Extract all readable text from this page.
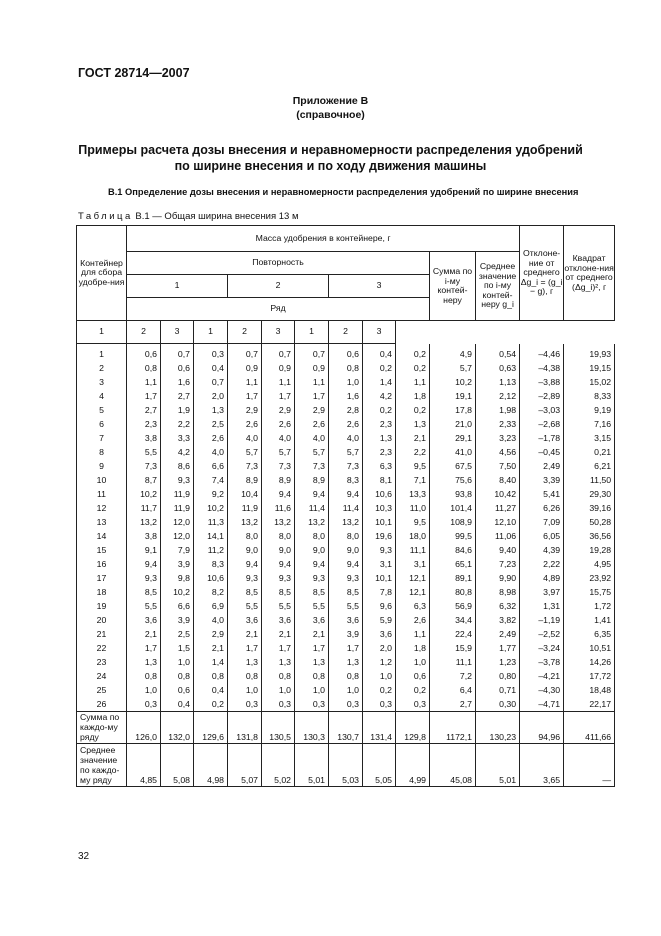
ГОСТ 28714—2007
Приложение В
(справочное)
Примеры расчета дозы внесения и неравномерности распределения удобрений
по ширине внесения и по ходу движения машины
В.1 Определение дозы внесения и неравномерности распределения удобрений по ширине внесения
Таблица В.1 — Общая ширина внесения 13 м
Контейнер для сбора удобре-ния	Масса удобрения в контейнере, г											Отклоне-ние от среднего Δg_i = (g_i − g), г	Квадрат отклоне-ния от среднего (Δg_i)², г
	Повторность									Сумма по i-му контей-неру	Среднее значение по i-му контей-неру g_i		
	1			2			3						
	Ряд												
1	2	3	1	2	3	1	2	3					
1	0,6	0,7	0,3	0,7	0,7	0,7	0,6	0,4	0,2	4,9	0,54	–4,46	19,93
2	0,8	0,6	0,4	0,9	0,9	0,9	0,8	0,2	0,2	5,7	0,63	–4,38	19,15
3	1,1	1,6	0,7	1,1	1,1	1,1	1,0	1,4	1,1	10,2	1,13	–3,88	15,02
4	1,7	2,7	2,0	1,7	1,7	1,7	1,6	4,2	1,8	19,1	2,12	–2,89	8,33
5	2,7	1,9	1,3	2,9	2,9	2,9	2,8	0,2	0,2	17,8	1,98	–3,03	9,19
6	2,3	2,2	2,5	2,6	2,6	2,6	2,6	2,3	1,3	21,0	2,33	–2,68	7,16
7	3,8	3,3	2,6	4,0	4,0	4,0	4,0	1,3	2,1	29,1	3,23	–1,78	3,15
8	5,5	4,2	4,0	5,7	5,7	5,7	5,7	2,3	2,2	41,0	4,56	–0,45	0,21
9	7,3	8,6	6,6	7,3	7,3	7,3	7,3	6,3	9,5	67,5	7,50	2,49	6,21
10	8,7	9,3	7,4	8,9	8,9	8,9	8,3	8,1	7,1	75,6	8,40	3,39	11,50
11	10,2	11,9	9,2	10,4	9,4	9,4	9,4	10,6	13,3	93,8	10,42	5,41	29,30
12	11,7	11,9	10,2	11,9	11,6	11,4	11,4	10,3	11,0	101,4	11,27	6,26	39,16
13	13,2	12,0	11,3	13,2	13,2	13,2	13,2	10,1	9,5	108,9	12,10	7,09	50,28
14	3,8	12,0	14,1	8,0	8,0	8,0	8,0	19,6	18,0	99,5	11,06	6,05	36,56
15	9,1	7,9	11,2	9,0	9,0	9,0	9,0	9,3	11,1	84,6	9,40	4,39	19,28
16	9,4	3,9	8,3	9,4	9,4	9,4	9,4	3,1	3,1	65,1	7,23	2,22	4,95
17	9,3	9,8	10,6	9,3	9,3	9,3	9,3	10,1	12,1	89,1	9,90	4,89	23,92
18	8,5	10,2	8,2	8,5	8,5	8,5	8,5	7,8	12,1	80,8	8,98	3,97	15,75
19	5,5	6,6	6,9	5,5	5,5	5,5	5,5	9,6	6,3	56,9	6,32	1,31	1,72
20	3,6	3,9	4,0	3,6	3,6	3,6	3,6	5,9	2,6	34,4	3,82	–1,19	1,41
21	2,1	2,5	2,9	2,1	2,1	2,1	3,9	3,6	1,1	22,4	2,49	–2,52	6,35
22	1,7	1,5	2,1	1,7	1,7	1,7	1,7	2,0	1,8	15,9	1,77	–3,24	10,51
23	1,3	1,0	1,4	1,3	1,3	1,3	1,3	1,2	1,0	11,1	1,23	–3,78	14,26
24	0,8	0,8	0,8	0,8	0,8	0,8	0,8	1,0	0,6	7,2	0,80	–4,21	17,72
25	1,0	0,6	0,4	1,0	1,0	1,0	1,0	0,2	0,2	6,4	0,71	–4,30	18,48
26	0,3	0,4	0,2	0,3	0,3	0,3	0,3	0,3	0,3	2,7	0,30	–4,71	22,17
Сумма по каждо-му ряду	126,0	132,0	129,6	131,8	130,5	130,3	130,7	131,4	129,8	1172,1	130,23	94,96	411,66
Среднее значение по каждо-му ряду	4,85	5,08	4,98	5,07	5,02	5,01	5,03	5,05	4,99	45,08	5,01	3,65	—
32
